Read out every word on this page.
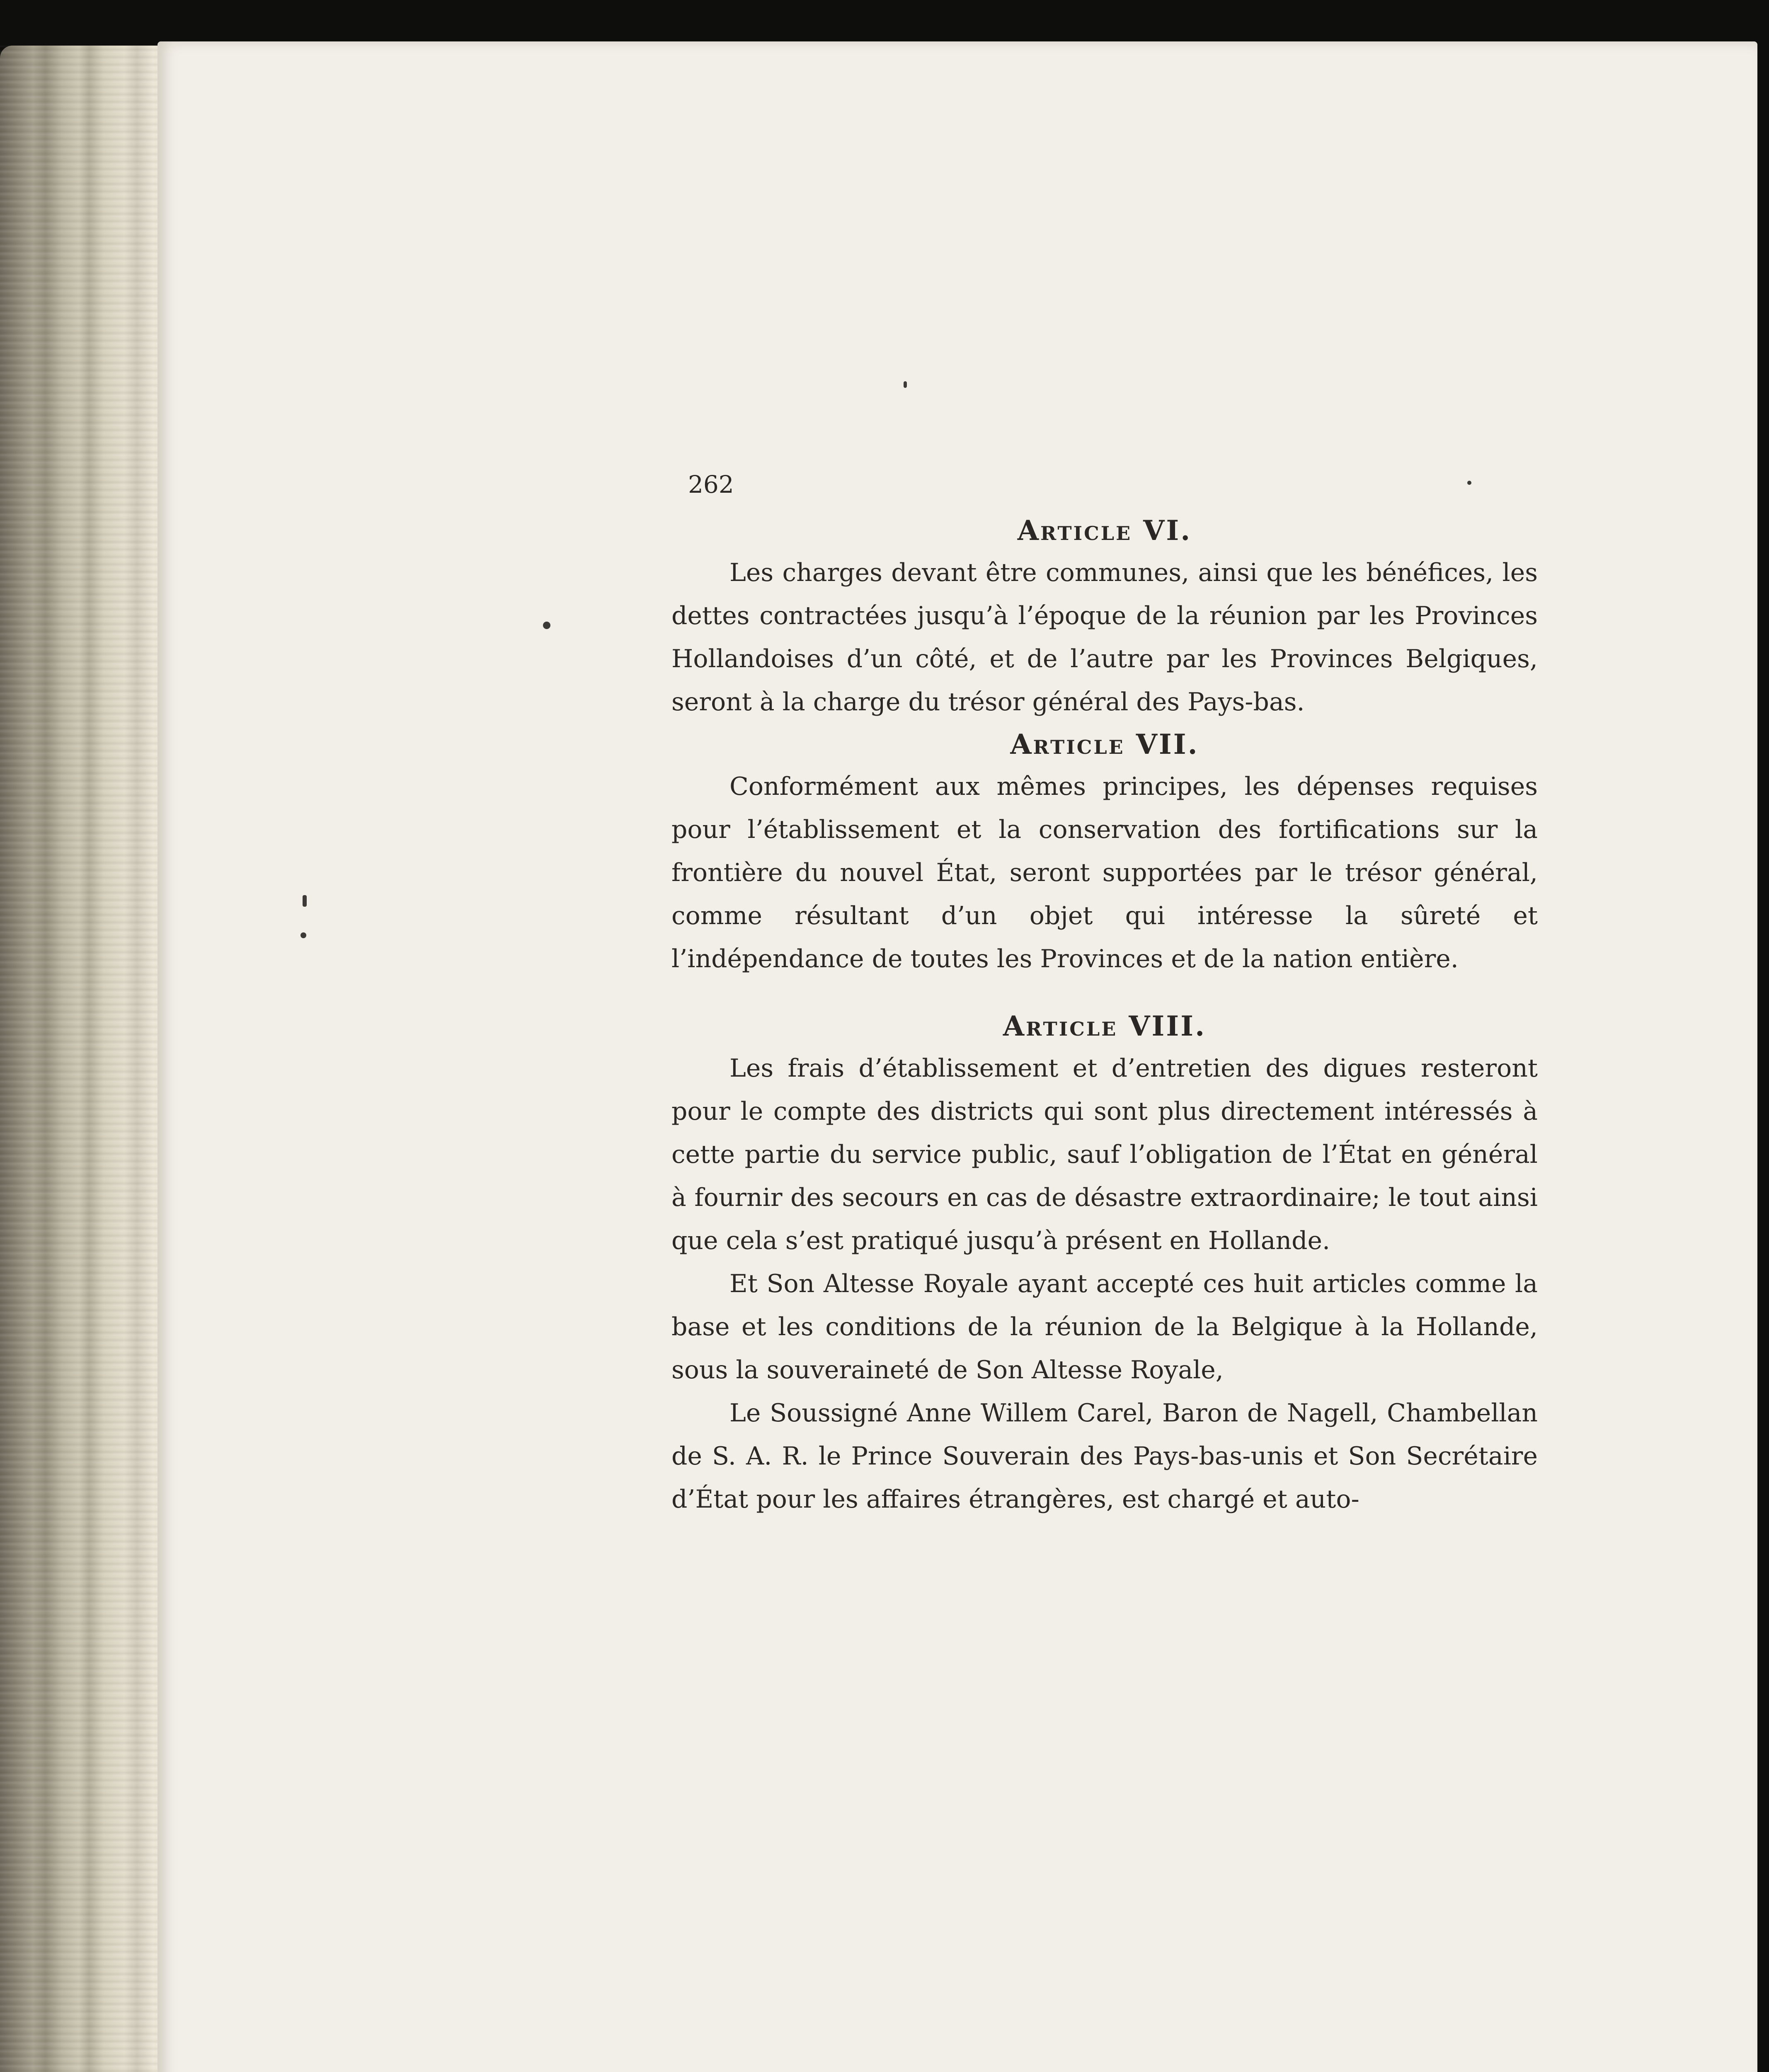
262
Article VI.

Les charges devant être communes, ainsi que les bénéfices, les dettes contractées jusqu’à l’époque de la réunion par les Provinces Hollandoises d’un côté, et de l’autre par les Provinces Belgiques, seront à la charge du trésor général des Pays-bas.

Article VII.

Conformément aux mêmes principes, les dépenses requises pour l’établissement et la conservation des fortifications sur la frontière du nouvel État, seront supportées par le trésor général, comme résultant d’un objet qui intéresse la sûreté et l’indépendance de toutes les Provinces et de la nation entière.

Article VIII.

Les frais d’établissement et d’entretien des digues resteront pour le compte des districts qui sont plus directement intéressés à cette partie du service public, sauf l’obligation de l’État en général à fournir des secours en cas de désastre extraordinaire; le tout ainsi que cela s’est pratiqué jusqu’à présent en Hollande.

Et Son Altesse Royale ayant accepté ces huit articles comme la base et les conditions de la réunion de la Belgique à la Hollande, sous la souveraineté de Son Altesse Royale,

Le Soussigné Anne Willem Carel, Baron de Nagell, Chambellan de S. A. R. le Prince Souverain des Pays-bas-unis et Son Secrétaire d’État pour les affaires étrangères, est chargé et auto-
